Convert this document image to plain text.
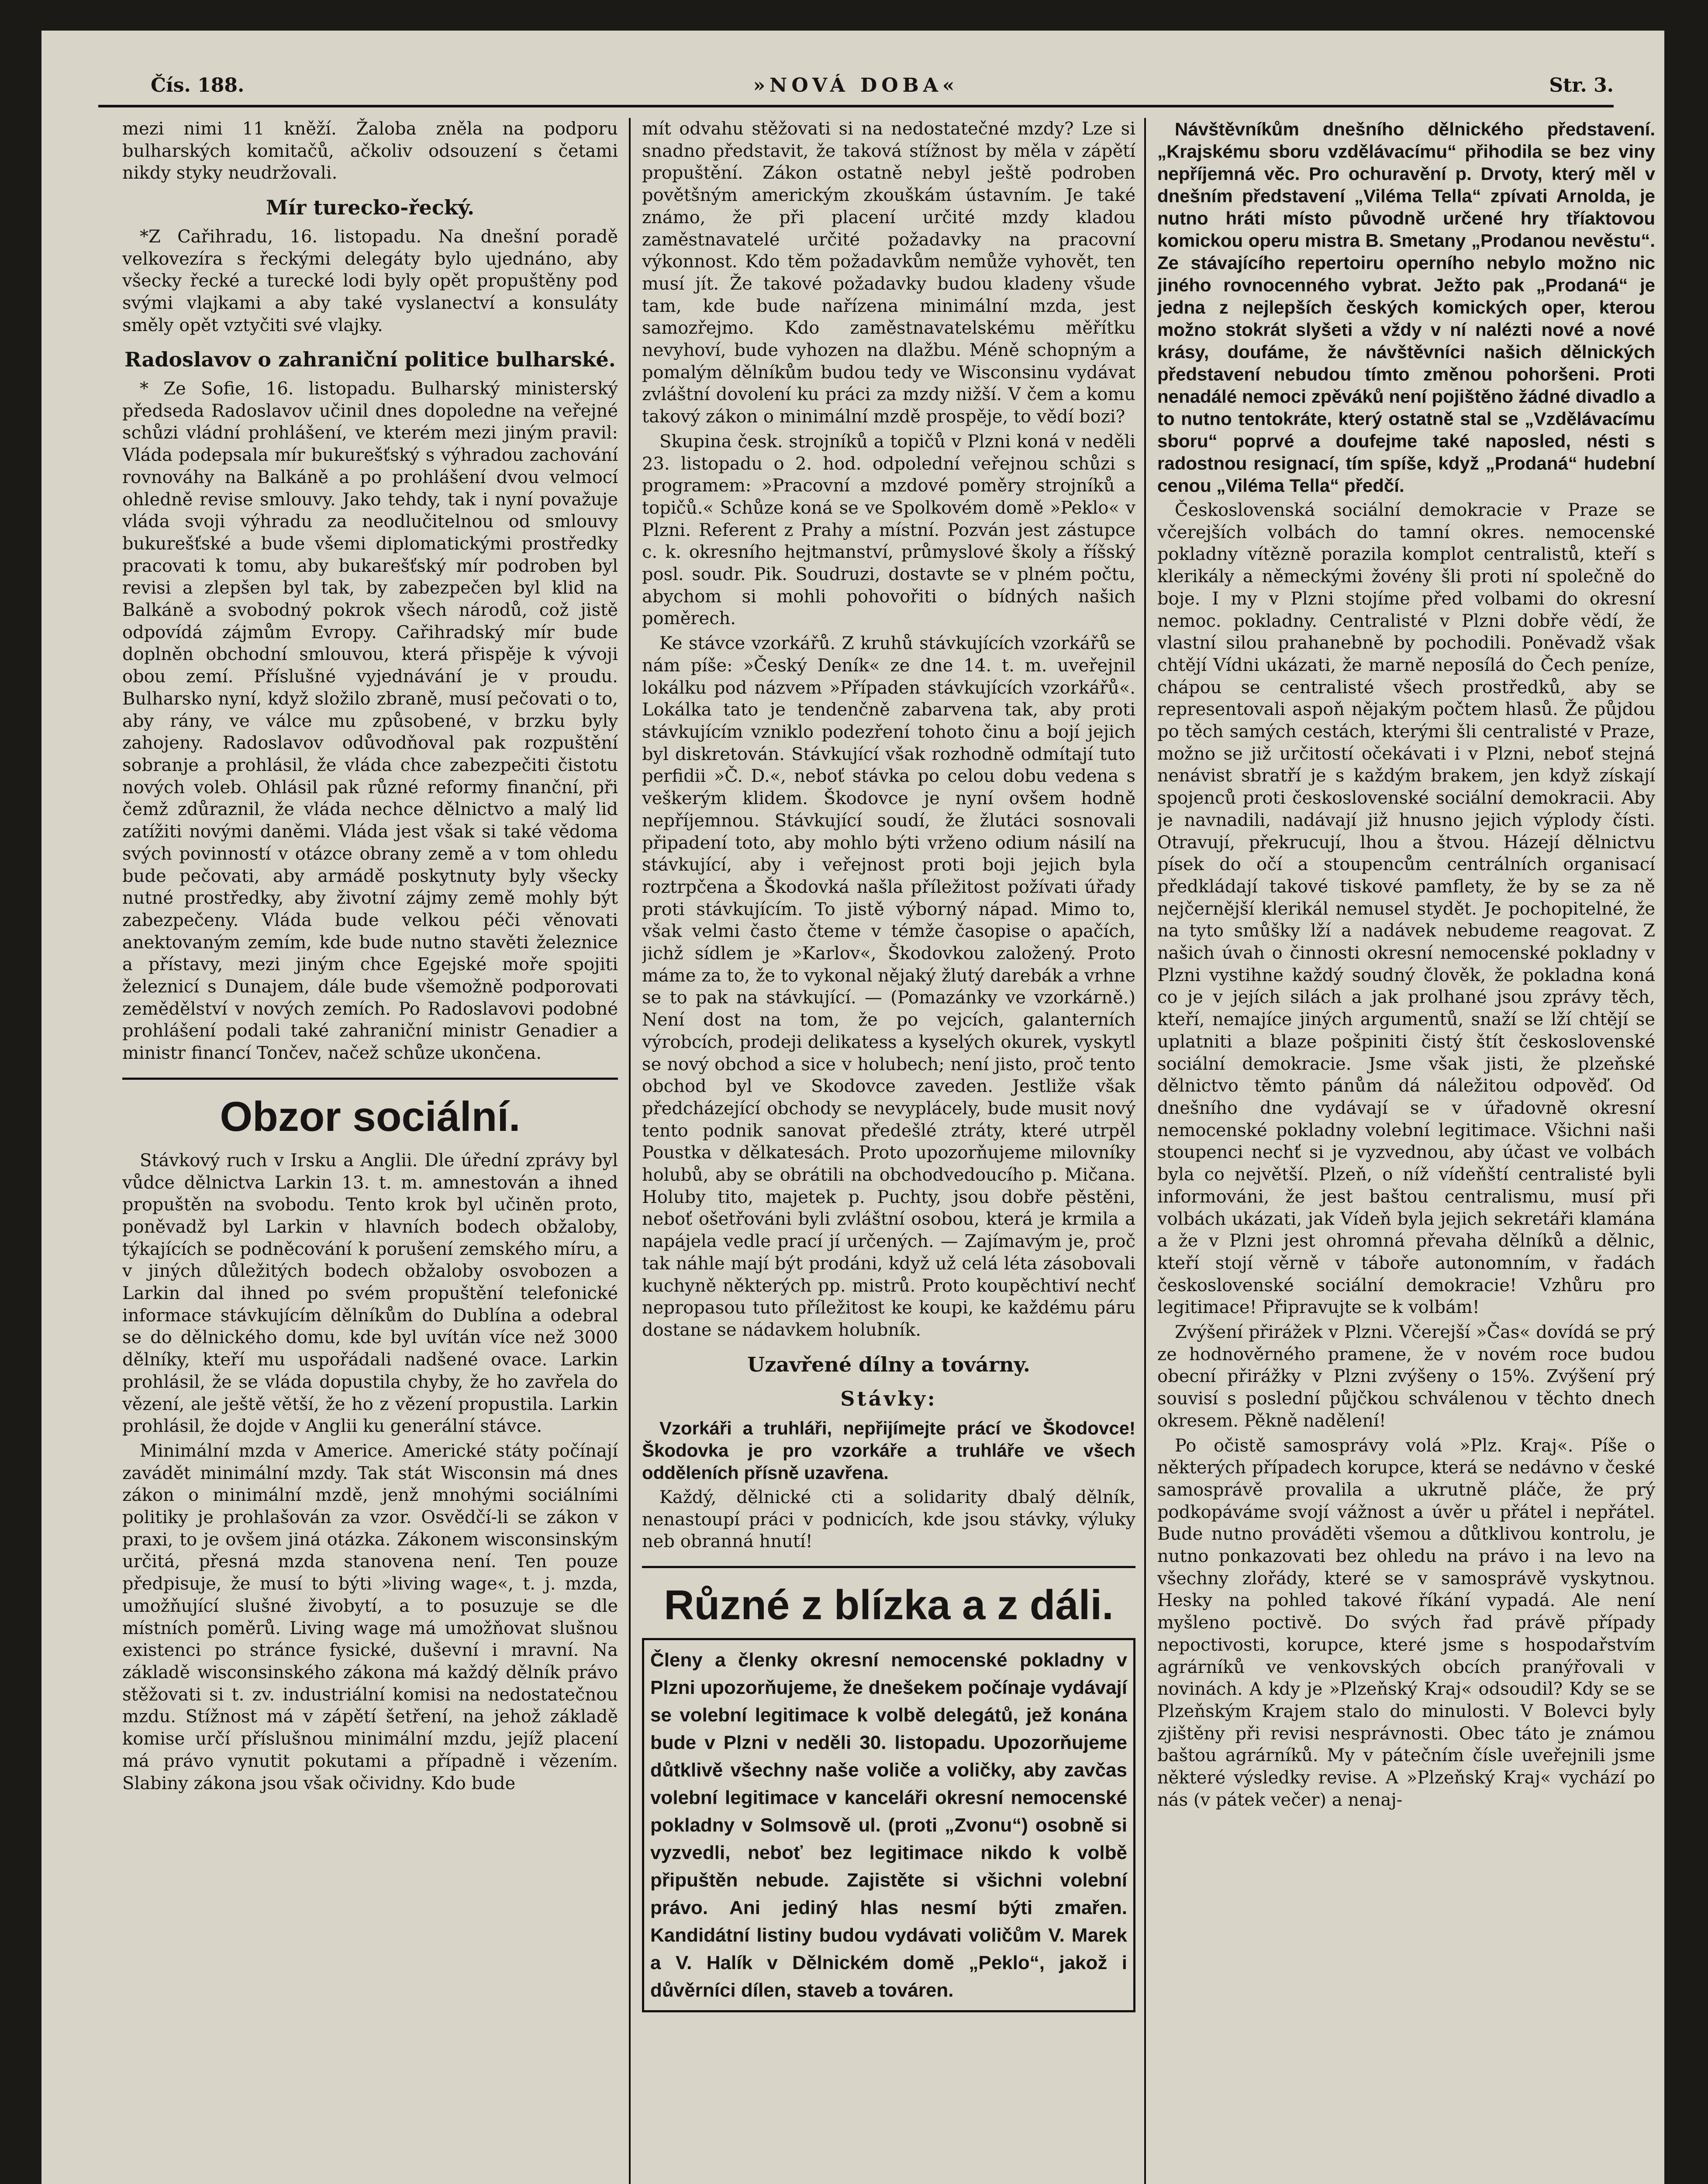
Čís. 188.	»NOVÁ DOBA«	Str. 3.

mezi nimi 11 kněží. Žaloba zněla na podporu bulharských komitačů, ačkoliv odsouzení s četami nikdy styky neudržovali.

Mír turecko-řecký.

*Z Cařihradu, 16. listopadu. Na dnešní poradě velkovezíra s řeckými delegáty bylo ujednáno, aby všecky řecké a turecké lodi byly opět propuštěny pod svými vlajkami a aby také vyslanectví a konsuláty směly opět vztyčiti své vlajky.

Radoslavov o zahraniční politice bulharské.

* Ze Sofie, 16. listopadu. Bulharský ministerský předseda Radoslavov učinil dnes dopoledne na veřejné schůzi vládní prohlášení, ve kterém mezi jiným pravil: Vláda podepsala mír bukurešťský s výhradou zachování rovnováhy na Balkáně a po prohlášení dvou velmocí ohledně revise smlouvy. Jako tehdy, tak i nyní považuje vláda svoji výhradu za neodlučitelnou od smlouvy bukurešťské a bude všemi diplomatickými prostředky pracovati k tomu, aby bukarešťský mír podroben byl revisi a zlepšen byl tak, by zabezpečen byl klid na Balkáně a svobodný pokrok všech národů, což jistě odpovídá zájmům Evropy. Cařihradský mír bude doplněn obchodní smlouvou, která přispěje k vývoji obou zemí. Příslušné vyjednávání je v proudu. Bulharsko nyní, když složilo zbraně, musí pečovati o to, aby rány, ve válce mu způsobené, v brzku byly zahojeny. Radoslavov odůvodňoval pak rozpuštění sobranje a prohlásil, že vláda chce zabezpečiti čistotu nových voleb. Ohlásil pak různé reformy finanční, při čemž zdůraznil, že vláda nechce dělnictvo a malý lid zatížiti novými daněmi. Vláda jest však si také vědoma svých povinností v otázce obrany země a v tom ohledu bude pečovati, aby armádě poskytnuty byly všecky nutné prostředky, aby životní zájmy země mohly být zabezpečeny. Vláda bude velkou péči věnovati anektovaným zemím, kde bude nutno stavěti železnice a přístavy, mezi jiným chce Egejské moře spojiti železnicí s Dunajem, dále bude všemožně podporovati zemědělství v nových zemích. Po Radoslavovi podobné prohlášení podali také zahraniční ministr Genadier a ministr financí Tončev, načež schůze ukončena.

Obzor sociální.

Stávkový ruch v Irsku a Anglii. Dle úřední zprávy byl vůdce dělnictva Larkin 13. t. m. amnestován a ihned propuštěn na svobodu. Tento krok byl učiněn proto, poněvadž byl Larkin v hlavních bodech obžaloby, týkajících se podněcování k porušení zemského míru, a v jiných důležitých bodech obžaloby osvobozen a Larkin dal ihned po svém propuštění telefonické informace stávkujícím dělníkům do Dublína a odebral se do dělnického domu, kde byl uvítán více než 3000 dělníky, kteří mu uspořádali nadšené ovace. Larkin prohlásil, že se vláda dopustila chyby, že ho zavřela do vězení, ale ještě větší, že ho z vězení propustila. Larkin prohlásil, že dojde v Anglii ku generální stávce.

Minimální mzda v Americe. Americké státy počínají zavádět minimální mzdy. Tak stát Wisconsin má dnes zákon o minimální mzdě, jenž mnohými sociálními politiky je prohlašován za vzor. Osvědčí-li se zákon v praxi, to je ovšem jiná otázka. Zákonem wisconsinským určitá, přesná mzda stanovena není. Ten pouze předpisuje, že musí to býti »living wage«, t. j. mzda, umožňující slušné živobytí, a to posuzuje se dle místních poměrů. Living wage má umožňovat slušnou existenci po stránce fysické, duševní i mravní. Na základě wisconsinského zákona má každý dělník právo stěžovati si t. zv. industriální komisi na nedostatečnou mzdu. Stížnost má v zápětí šetření, na jehož základě komise určí příslušnou minimální mzdu, jejíž placení má právo vynutit pokutami a případně i vězením. Slabiny zákona jsou však očividny. Kdo bude

mít odvahu stěžovati si na nedostatečné mzdy? Lze si snadno představit, že taková stížnost by měla v zápětí propuštění. Zákon ostatně nebyl ještě podroben povětšným americkým zkouškám ústavním. Je také známo, že při placení určité mzdy kladou zaměstnavatelé určité požadavky na pracovní výkonnost. Kdo těm požadavkům nemůže vyhovět, ten musí jít. Že takové požadavky budou kladeny všude tam, kde bude nařízena minimální mzda, jest samozřejmo. Kdo zaměstnavatelskému měřítku nevyhoví, bude vyhozen na dlažbu. Méně schopným a pomalým dělníkům budou tedy ve Wisconsinu vydávat zvláštní dovolení ku práci za mzdy nižší. V čem a komu takový zákon o minimální mzdě prospěje, to vědí bozi?

Skupina česk. strojníků a topičů v Plzni koná v neděli 23. listopadu o 2. hod. odpolední veřejnou schůzi s programem: »Pracovní a mzdové poměry strojníků a topičů.« Schůze koná se ve Spolkovém domě »Peklo« v Plzni. Referent z Prahy a místní. Pozván jest zástupce c. k. okresního hejtmanství, průmyslové školy a říšský posl. soudr. Pik. Soudruzi, dostavte se v plném počtu, abychom si mohli pohovořiti o bídných našich poměrech.

Ke stávce vzorkářů. Z kruhů stávkujících vzorkářů se nám píše: »Český Deník« ze dne 14. t. m. uveřejnil lokálku pod názvem »Případen stávkujících vzorkářů«. Lokálka tato je tendenčně zabarvena tak, aby proti stávkujícím vzniklo podezření tohoto činu a bojí jejich byl diskretován. Stávkující však rozhodně odmítají tuto perfidii »Č. D.«, neboť stávka po celou dobu vedena s veškerým klidem. Škodovce je nyní ovšem hodně nepříjemnou. Stávkující soudí, že žlutáci sosnovali připadení toto, aby mohlo býti vrženo odium násilí na stávkující, aby i veřejnost proti boji jejich byla roztrpčena a Škodovká našla příležitost požívati úřady proti stávkujícím. To jistě výborný nápad. Mimo to, však velmi často čteme v témže časopise o apačích, jichž sídlem je »Karlov«, Škodovkou založený. Proto máme za to, že to vykonal nějaký žlutý darebák a vrhne se to pak na stávkující. — (Pomazánky ve vzorkárně.) Není dost na tom, že po vejcích, galanterních výrobcích, prodeji delikatess a kyselých okurek, vyskytl se nový obchod a sice v holubech; není jisto, proč tento obchod byl ve Skodovce zaveden. Jestliže však předcházející obchody se nevyplácely, bude musit nový tento podnik sanovat předešlé ztráty, které utrpěl Poustka v dělkatesách. Proto upozorňujeme milovníky holubů, aby se obrátili na obchodvedoucího p. Mičana. Holuby tito, majetek p. Puchty, jsou dobře pěstěni, neboť ošetřováni byli zvláštní osobou, která je krmila a napájela vedle prací jí určených. — Zajímavým je, proč tak náhle mají být prodáni, když už celá léta zásobovali kuchyně některých pp. mistrů. Proto koupěchtiví nechť nepropasou tuto příležitost ke koupi, ke každému páru dostane se nádavkem holubník.

Uzavřené dílny a továrny.
Stávky:

Vzorkáři a truhláři, nepřijímejte prácí ve Škodovce! Škodovka je pro vzorkáře a truhláře ve všech odděleních přísně uzavřena.

Každý, dělnické cti a solidarity dbalý dělník, nenastoupí práci v podnicích, kde jsou stávky, výluky neb obranná hnutí!

Různé z blízka a z dáli.
Členy a členky okresní nemocenské pokladny v Plzni upozorňujeme, že dnešekem počínaje vydávají se volební legitimace k volbě delegátů, jež konána bude v Plzni v neděli 30. listopadu. Upozorňujeme důtklivě všechny naše voliče a voličky, aby zavčas volební legitimace v kanceláři okresní nemocenské pokladny v Solmsově ul. (proti „Zvonu“) osobně si vyzvedli, neboť bez legitimace nikdo k volbě připuštěn nebude. Zajistěte si všichni volební právo. Ani jediný hlas nesmí býti zmařen. Kandidátní listiny budou vydávati voličům V. Marek a V. Halík v Dělnickém domě „Peklo“, jakož i důvěrníci dílen, staveb a továren.

Návštěvníkům dnešního dělnického představení. „Krajskému sboru vzdělávacímu“ přihodila se bez viny nepříjemná věc. Pro ochuravění p. Drvoty, který měl v dnešním představení „Viléma Tella“ zpívati Arnolda, je nutno hráti místo původně určené hry tříaktovou komickou operu mistra B. Smetany „Prodanou nevěstu“. Ze stávajícího repertoiru operního nebylo možno nic jiného rovnocenného vybrat. Ježto pak „Prodaná“ je jedna z nejlepších českých komických oper, kterou možno stokrát slyšeti a vždy v ní nalézti nové a nové krásy, doufáme, že návštěvníci našich dělnických představení nebudou tímto změnou pohoršeni. Proti nenadálé nemoci zpěváků není pojištěno žádné divadlo a to nutno tentokráte, který ostatně stal se „Vzdělávacímu sboru“ poprvé a doufejme také naposled, nésti s radostnou resignací, tím spíše, když „Prodaná“ hudební cenou „Viléma Tella“ předčí.

Československá sociální demokracie v Praze se včerejších volbách do tamní okres. nemocenské pokladny vítězně porazila komplot centralistů, kteří s klerikály a německými žovény šli proti ní společně do boje. I my v Plzni stojíme před volbami do okresní nemoc. pokladny. Centralisté v Plzni dobře vědí, že vlastní silou prahanebně by pochodili. Poněvadž však chtějí Vídni ukázati, že marně neposílá do Čech peníze, chápou se centralisté všech prostředků, aby se representovali aspoň nějakým počtem hlasů. Že půjdou po těch samých cestách, kterými šli centralisté v Praze, možno se již určitostí očekávati i v Plzni, neboť stejná nenávist sbratří je s každým brakem, jen když získají spojenců proti československé sociální demokracii. Aby je navnadili, nadávají již hnusno jejich výplody čísti. Otravují, překrucují, lhou a štvou. Házejí dělnictvu písek do očí a stoupencům centrálních organisací předkládají takové tiskové pamflety, že by se za ně nejčernější klerikál nemusel stydět. Je pochopitelné, že na tyto smůšky lží a nadávek nebudeme reagovat. Z našich úvah o činnosti okresní nemocenské pokladny v Plzni vystihne každý soudný člověk, že pokladna koná co je v jejích silách a jak prolhané jsou zprávy těch, kteří, nemajíce jiných argumentů, snaží se lží chtějí se uplatniti a blaze pošpiniti čistý štít československé sociální demokracie. Jsme však jisti, že plzeňské dělnictvo těmto pánům dá náležitou odpověď. Od dnešního dne vydávají se v úřadovně okresní nemocenské pokladny volební legitimace. Všichni naši stoupenci nechť si je vyzvednou, aby účast ve volbách byla co největší. Plzeň, o níž vídeňští centralisté byli informováni, že jest baštou centralismu, musí při volbách ukázati, jak Vídeň byla jejich sekretáři klamána a že v Plzni jest ohromná převaha dělníků a dělnic, kteří stojí věrně v táboře autonomním, v řadách československé sociální demokracie! Vzhůru pro legitimace! Připravujte se k volbám!

Zvýšení přirážek v Plzni. Včerejší »Čas« dovídá se prý ze hodnověrného pramene, že v novém roce budou obecní přirážky v Plzni zvýšeny o 15%. Zvýšení prý souvisí s poslední půjčkou schválenou v těchto dnech okresem. Pěkně nadělení!

Po očistě samosprávy volá »Plz. Kraj«. Píše o některých případech korupce, která se nedávno v české samosprávě provalila a ukrutně pláče, že prý podkopáváme svojí vážnost a úvěr u přátel i nepřátel. Bude nutno prováděti všemou a důtklivou kontrolu, je nutno ponkazovati bez ohledu na právo i na levo na všechny zlořády, které se v samosprávě vyskytnou. Hesky na pohled takové říkání vypadá. Ale není myšleno poctivě. Do svých řad právě případy nepoctivosti, korupce, které jsme s hospodařstvím agrárníků ve venkovských obcích pranýřovali v novinách. A kdy je »Plzeňský Kraj« odsoudil? Kdy se se Plzeňským Krajem stalo do minulosti. V Bolevci byly zjištěny při revisi nesprávnosti. Obec táto je známou baštou agrárníků. My v pátečním čísle uveřejnili jsme některé výsledky revise. A »Plzeňský Kraj« vychází po nás (v pátek večer) a nenaj-
